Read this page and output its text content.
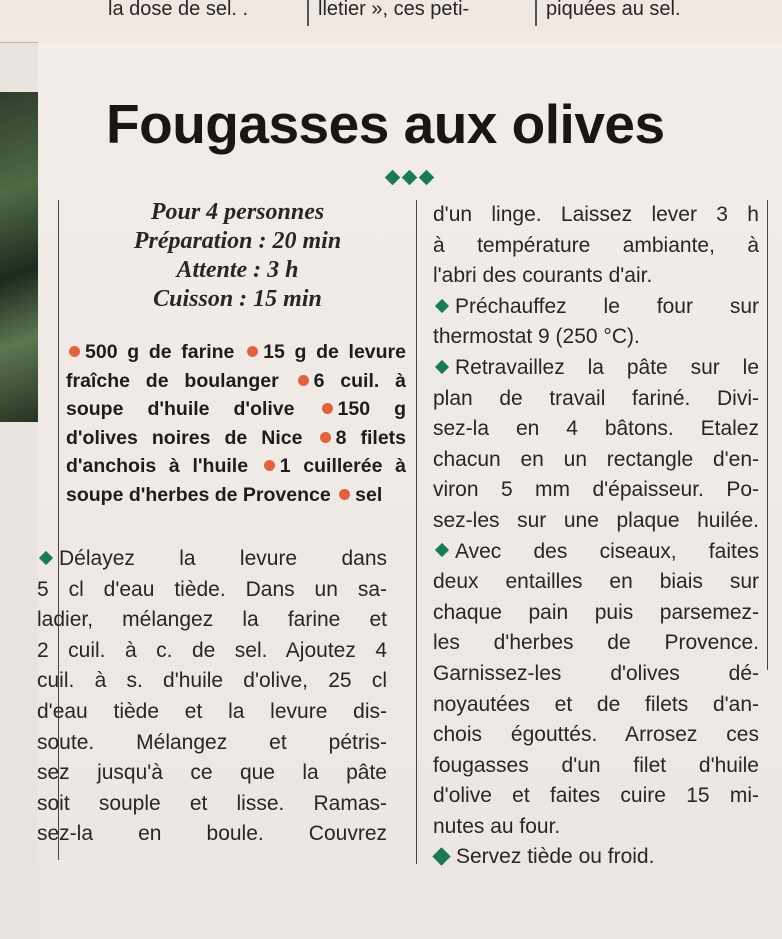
la dose de sel. .	lletier », ces peti-	piquées au sel.
Fougasses aux olives
Pour 4 personnes
Préparation : 20 min
Attente : 3 h
Cuisson : 15 min
500 g de farine 15 g de levure fraîche de boulanger 6 cuil. à soupe d'huile d'olive 150 g d'olives noires de Nice 8 filets d'anchois à l'huile 1 cuillerée à soupe d'herbes de Provence sel
Délayez la levure dans
5 cl d'eau tiède. Dans un sa-
ladier, mélangez la farine et
2 cuil. à c. de sel. Ajoutez 4
cuil. à s. d'huile d'olive, 25 cl
d'eau tiède et la levure dis-
soute. Mélangez et pétris-
sez jusqu'à ce que la pâte
soit souple et lisse. Ramas-
sez-la en boule. Couvrez
d'un linge. Laissez lever 3 h
à température ambiante, à
l'abri des courants d'air.
Préchauffez le four sur
thermostat 9 (250 °C).
Retravaillez la pâte sur le
plan de travail fariné. Divi-
sez-la en 4 bâtons. Etalez
chacun en un rectangle d'en-
viron 5 mm d'épaisseur. Po-
sez-les sur une plaque huilée.
Avec des ciseaux, faites
deux entailles en biais sur
chaque pain puis parsemez-
les d'herbes de Provence.
Garnissez-les d'olives dé-
noyautées et de filets d'an-
chois égouttés. Arrosez ces
fougasses d'un filet d'huile
d'olive et faites cuire 15 mi-
nutes au four.
Servez tiède ou froid.
